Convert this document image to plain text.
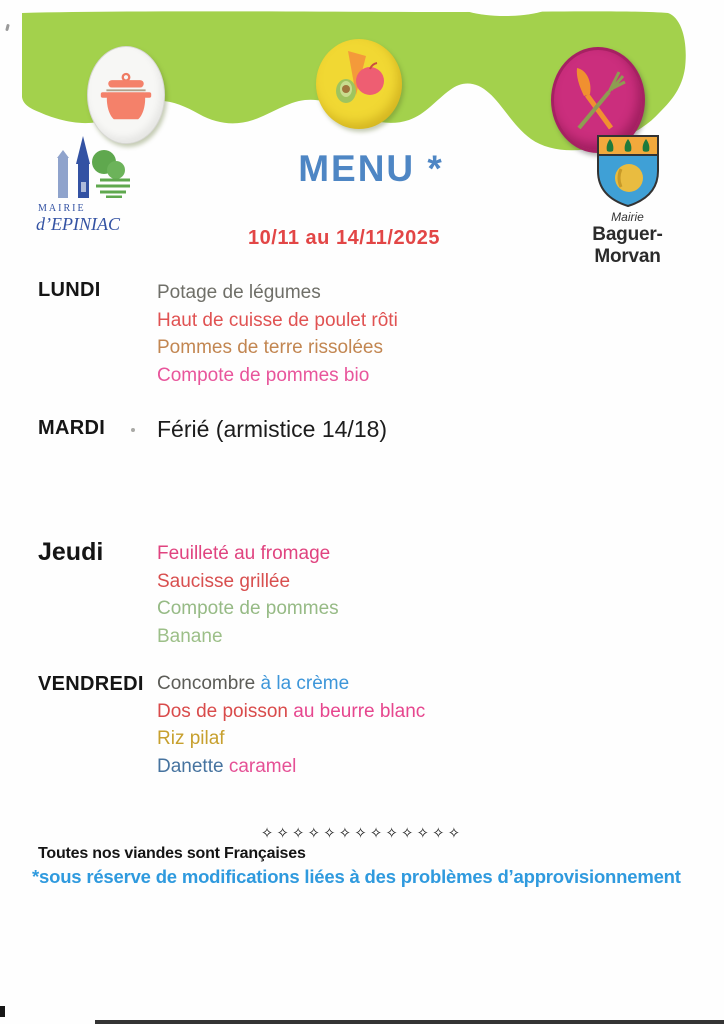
MAIRIE
d’EPINIAC
MENU *
Mairie
Baguer-Morvan
10/11 au 14/11/2025
LUNDI	Potage de légumes
Haut de cuisse de poulet rôti
Pommes de terre rissolées
Compote de pommes bio
MARDI	Férié (armistice 14/18)
Jeudi	Feuilleté au fromage
Saucisse grillée
Compote de pommes
Banane
VENDREDI Concombre à la crème
Dos de poisson au beurre blanc
Riz pilaf
Danette caramel
✧✧✧✧✧✧✧✧✧✧✧✧✧
Toutes nos viandes sont Françaises
*sous réserve de modifications liées à des problèmes d’approvisionnement
